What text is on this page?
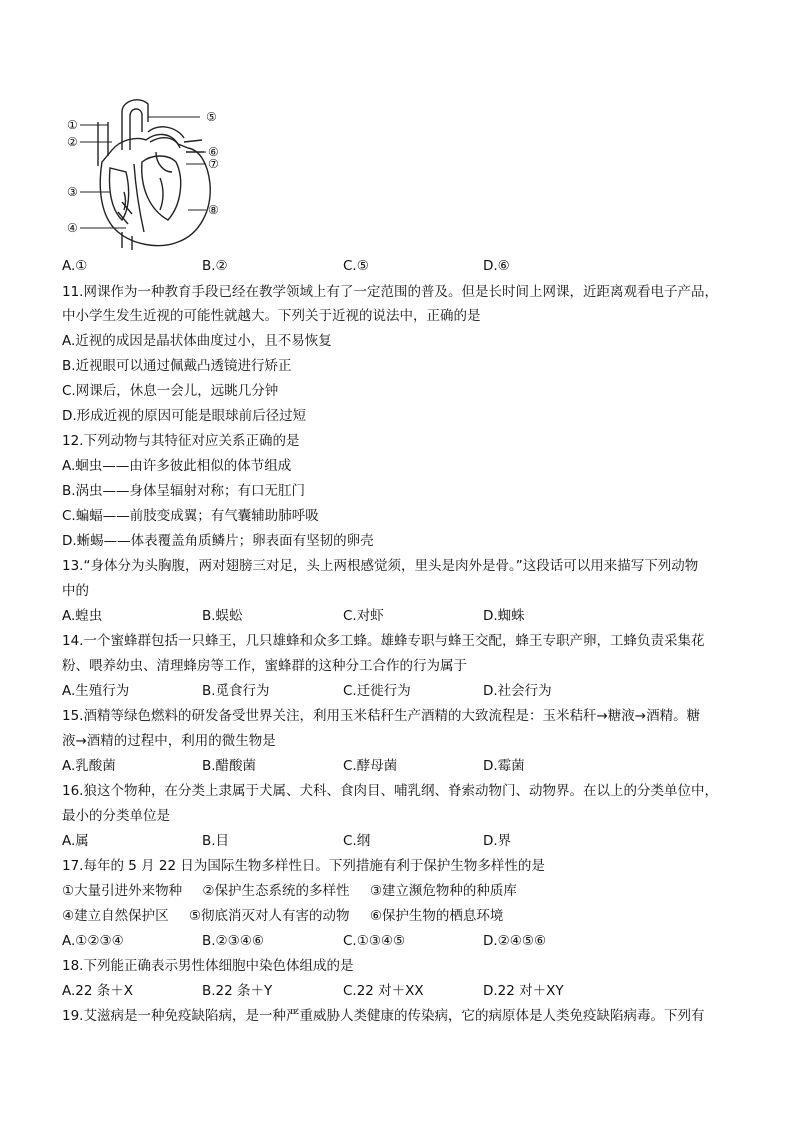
①
②
③
④
⑤
⑥
⑦
⑧
A.①	B.②	C.⑤	D.⑥
11.网课作为一种教育手段已经在教学领域上有了一定范围的普及。但是长时间上网课，近距离观看电子产品，
中小学生发生近视的可能性就越大。下列关于近视的说法中，正确的是
A.近视的成因是晶状体曲度过小，且不易恢复
B.近视眼可以通过佩戴凸透镜进行矫正
C.网课后，休息一会儿，远眺几分钟
D.形成近视的原因可能是眼球前后径过短
12.下列动物与其特征对应关系正确的是
A.蛔虫——由许多彼此相似的体节组成
B.涡虫——身体呈辐射对称；有口无肛门
C.蝙蝠——前肢变成翼；有气囊辅助肺呼吸
D.蜥蜴——体表覆盖角质鳞片；卵表面有坚韧的卵壳
13.“身体分为头胸腹，两对翅膀三对足，头上两根感觉须，里头是肉外是骨。”这段话可以用来描写下列动物
中的
A.蝗虫	B.蜈蚣	C.对虾	D.蜘蛛
14.一个蜜蜂群包括一只蜂王，几只雄蜂和众多工蜂。雄蜂专职与蜂王交配，蜂王专职产卵，工蜂负责采集花
粉、喂养幼虫、清理蜂房等工作，蜜蜂群的这种分工合作的行为属于
A.生殖行为	B.觅食行为	C.迁徙行为	D.社会行为
15.酒精等绿色燃料的研发备受世界关注，利用玉米秸秆生产酒精的大致流程是：玉米秸秆→糖液→酒精。糖
液→酒精的过程中，利用的微生物是
A.乳酸菌	B.醋酸菌	C.酵母菌	D.霉菌
16.狼这个物种，在分类上隶属于犬属、犬科、食肉目、哺乳纲、脊索动物门、动物界。在以上的分类单位中，
最小的分类单位是
A.属	B.目	C.纲	D.界
17.每年的 5 月 22 日为国际生物多样性日。下列措施有利于保护生物多样性的是
①大量引进外来物种 ②保护生态系统的多样性 ③建立濒危物种的种质库
④建立自然保护区 ⑤彻底消灭对人有害的动物 ⑥保护生物的栖息环境
A.①②③④	B.②③④⑥	C.①③④⑤	D.②④⑤⑥
18.下列能正确表示男性体细胞中染色体组成的是
A.22 条＋X	B.22 条＋Y	C.22 对＋XX	D.22 对＋XY
19.艾滋病是一种免疫缺陷病，是一种严重威胁人类健康的传染病，它的病原体是人类免疫缺陷病毒。下列有
